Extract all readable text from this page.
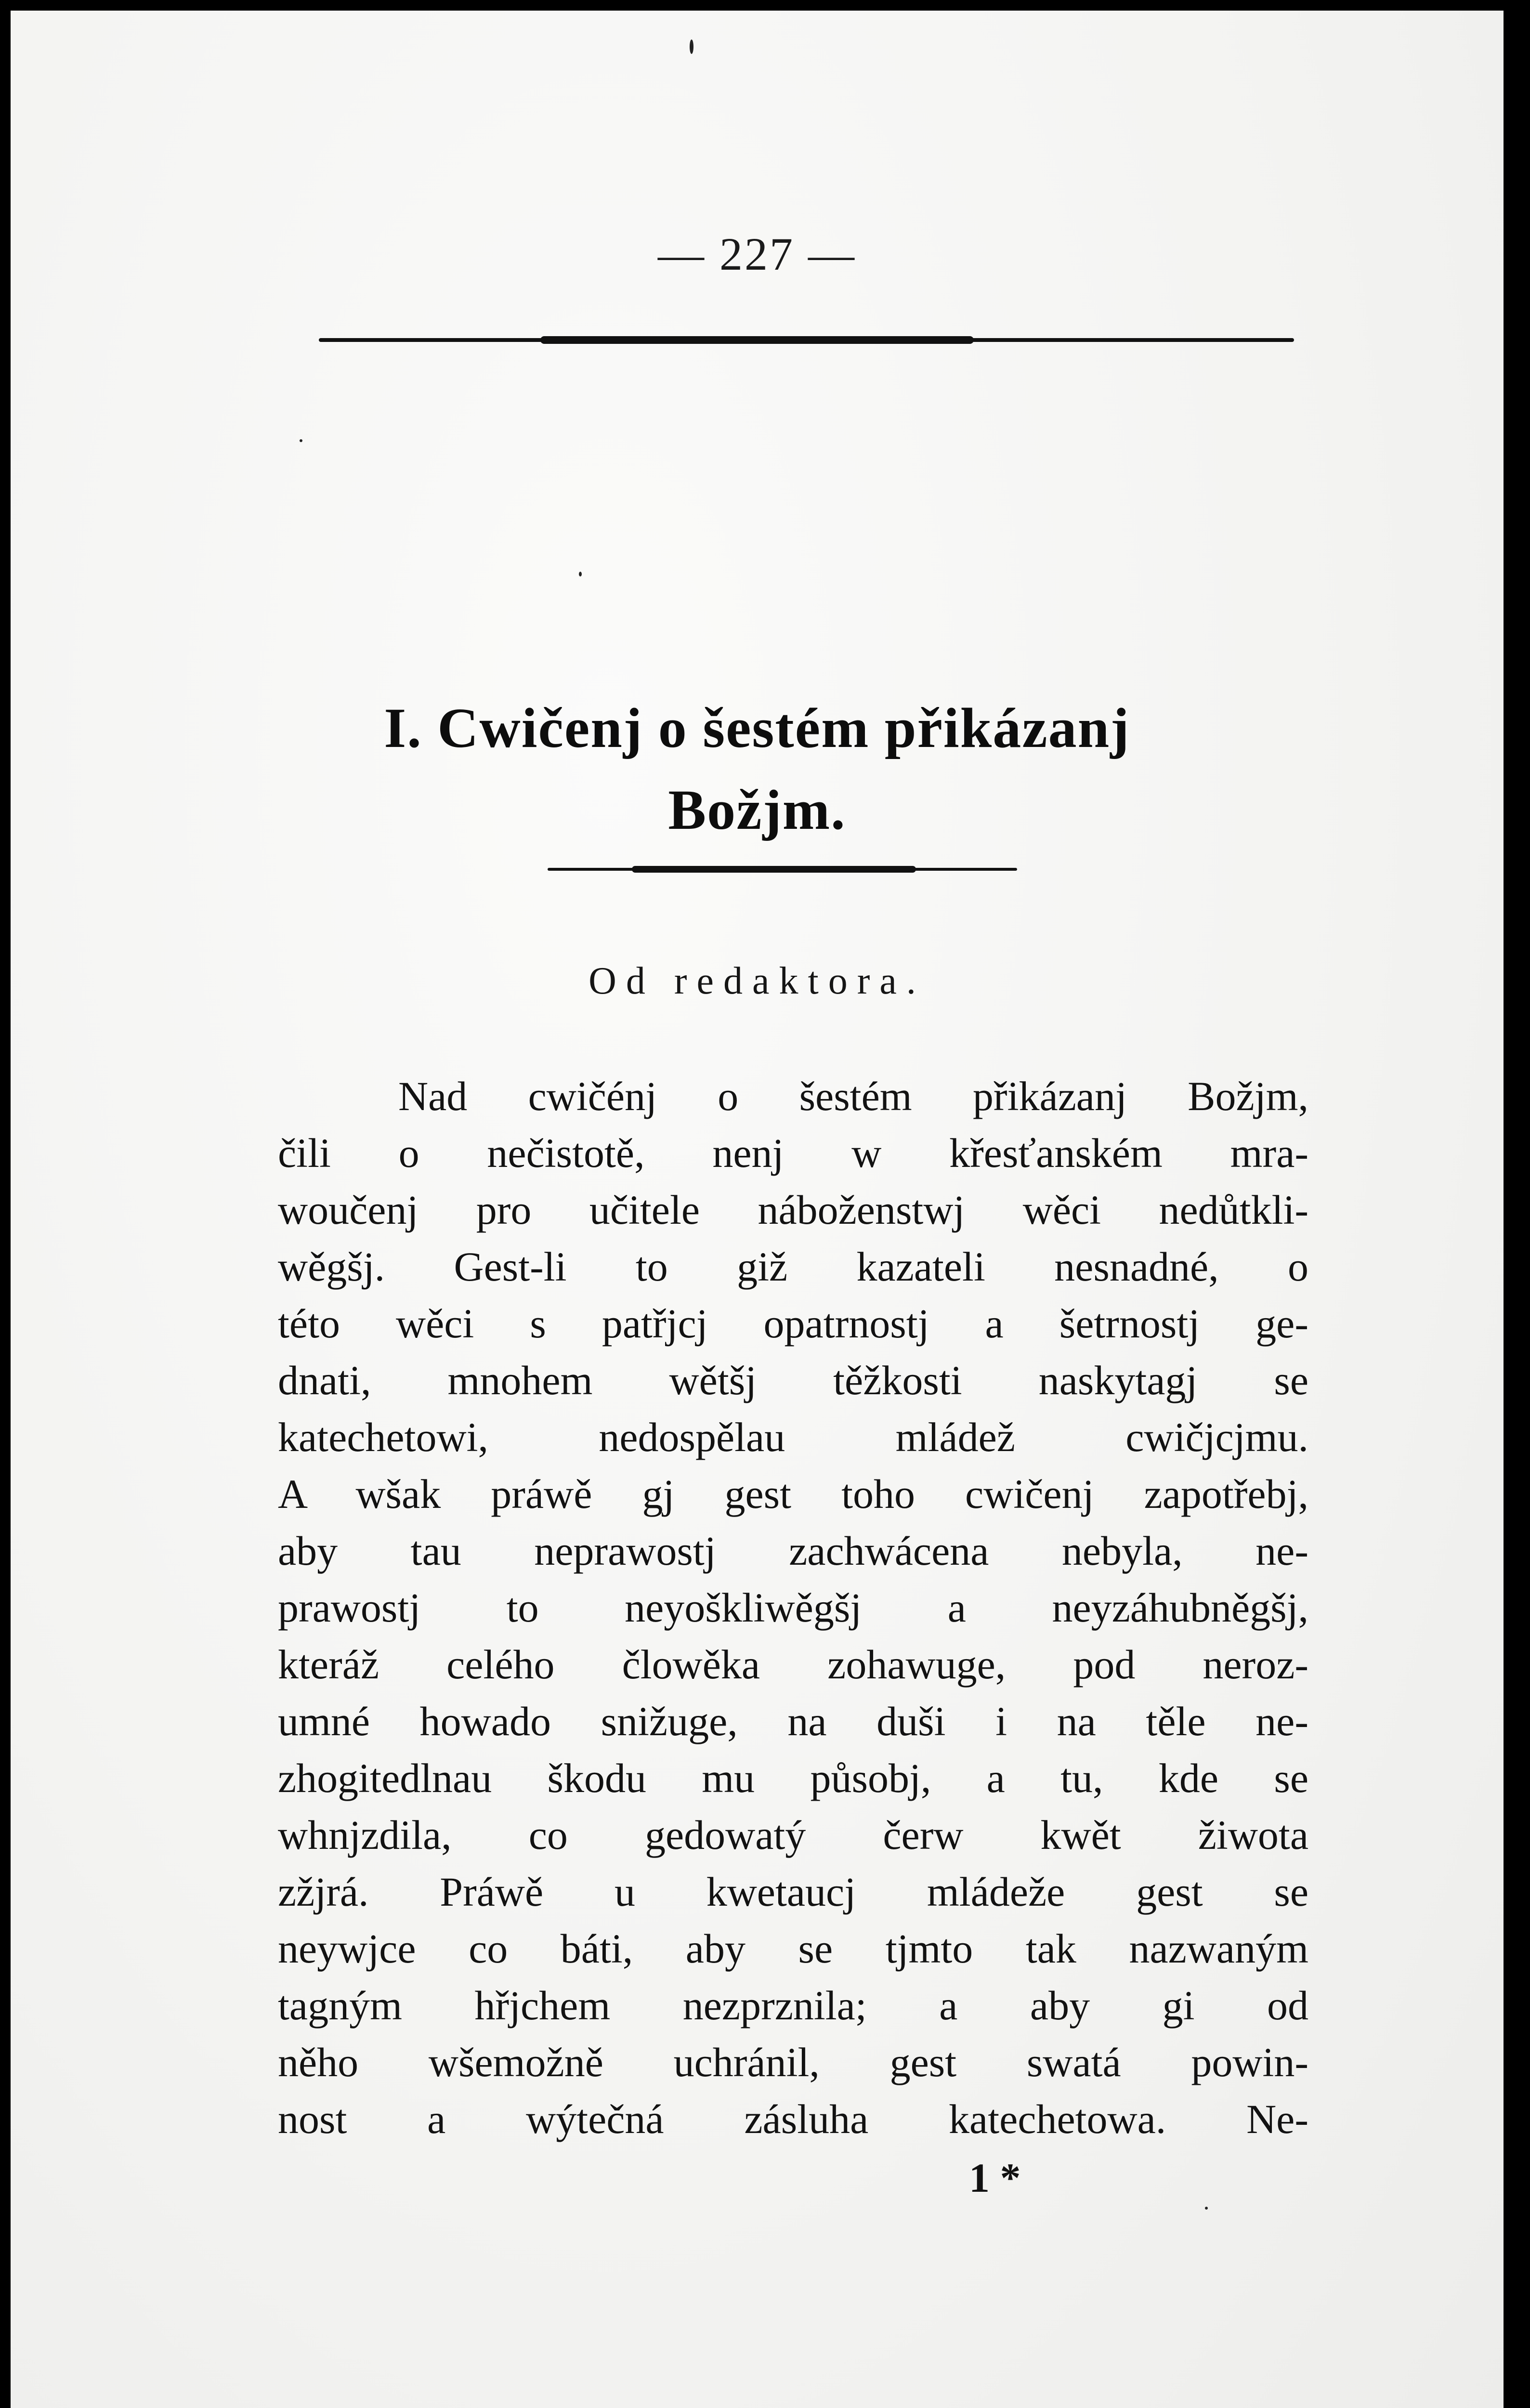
— 227 —
I. Cwičenj o šestém přikázanj
Božjm.
Od redaktora.
Nad cwičénj o šestém přikázanj Božjm,
čili o nečistotě, nenj w křesťanském mra-
woučenj pro učitele náboženstwj wěci nedůtkli-
wěgšj. Gest-li to giž kazateli nesnadné, o
této wěci s patřjcj opatrnostj a šetrnostj ge-
dnati, mnohem wětšj těžkosti naskytagj se
katechetowi, nedospělau mládež cwičjcjmu.
A wšak práwě gj gest toho cwičenj zapotřebj,
aby tau neprawostj zachwácena nebyla, ne-
prawostj to neyoškliwěgšj a neyzáhubněgšj,
kteráž celého člowěka zohawuge, pod neroz-
umné howado snižuge, na duši i na těle ne-
zhogitedlnau škodu mu působj, a tu, kde se
whnjzdila, co gedowatý čerw kwět žiwota
zžjrá. Práwě u kwetaucj mládeže gest se
neywjce co báti, aby se tjmto tak nazwaným
tagným hřjchem nezprznila; a aby gi od
něho wšemožně uchránil, gest swatá powin-
nost a wýtečná zásluha katechetowa. Ne-
1 *
